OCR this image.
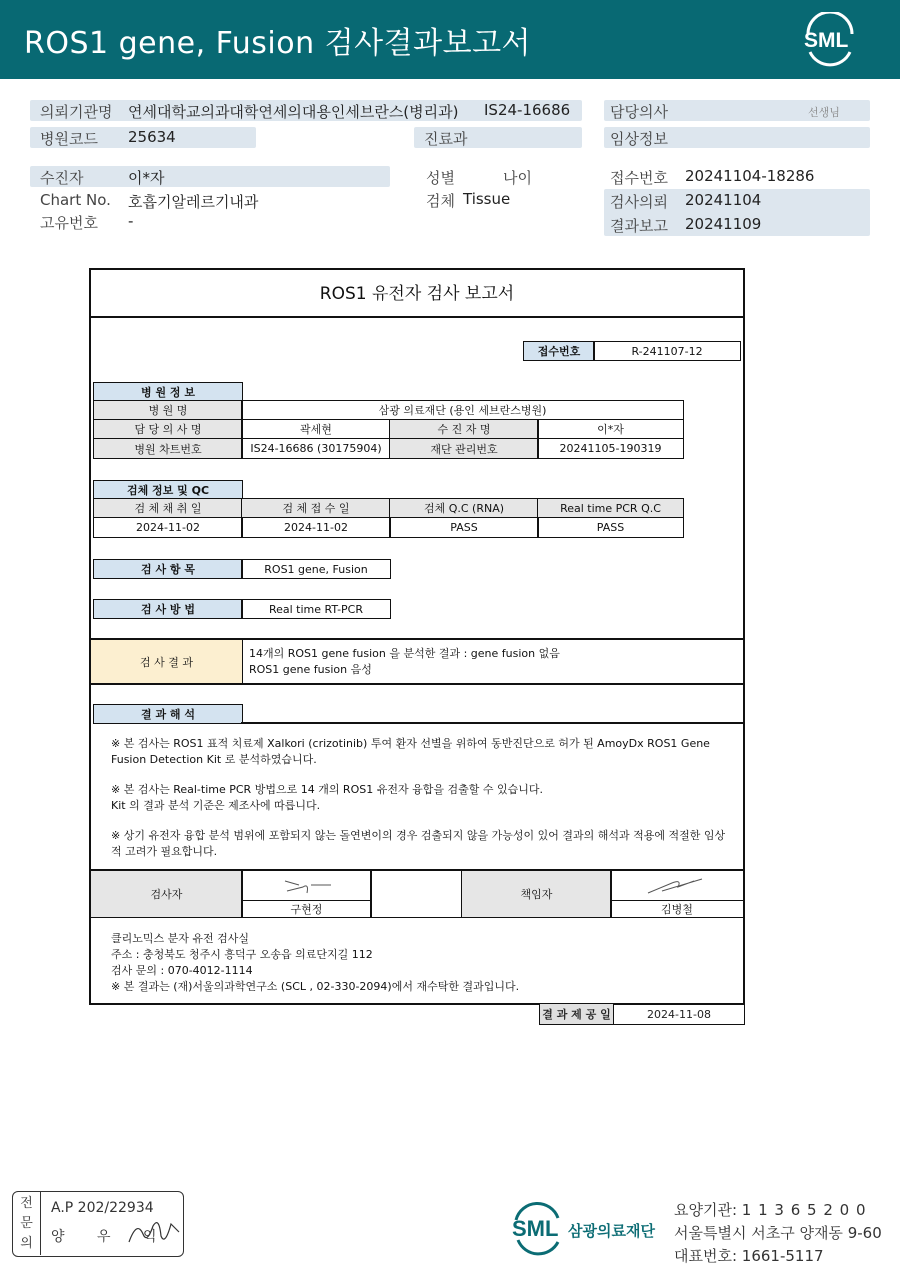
ROS1 gene, Fusion 검사결과보고서	SML
의뢰기관명 연세대학교의과대학연세의대용인세브란스(병리과) IS24-16686
병원코드 25634	진료과
담당의사	선생님
임상정보
수진자	이*자	성별	나이
Chart No. 호흡기알레르기내과	검체 Tissue
고유번호 -
접수번호 20241104-18286
검사의뢰 20241104
결과보고 20241109
ROS1 유전자 검사 보고서
접수번호	R-241107-12
병 원 정 보
병 원 명	삼광 의료재단 (용인 세브란스병원)
담 당 의 사 명	곽세현	수 진 자 명	이*자
병원 차트번호	IS24-16686 (30175904)	재단 관리번호	20241105-190319
검체 정보 및 QC
검 체 채 취 일	검 체 접 수 일	검체 Q.C (RNA)	Real time PCR Q.C
2024-11-02	2024-11-02	PASS	PASS
검 사 항 목	ROS1 gene, Fusion
검 사 방 법	Real time RT-PCR
검 사 결 과
14개의 ROS1 gene fusion 을 분석한 결과 : gene fusion 없음
ROS1 gene fusion 음성
결 과 해 석
※ 본 검사는 ROS1 표적 치료제 Xalkori (crizotinib) 투여 환자 선별을 위하여 동반진단으로 허가 된 AmoyDx ROS1 Gene
Fusion Detection Kit 로 분석하였습니다.
※ 본 검사는 Real-time PCR 방법으로 14 개의 ROS1 유전자 융합을 검출할 수 있습니다.
Kit 의 결과 분석 기준은 제조사에 따릅니다.
※ 상기 유전자 융합 분석 범위에 포함되지 않는 돌연변이의 경우 검출되지 않을 가능성이 있어 결과의 해석과 적용에 적절한 임상
적 고려가 필요합니다.
검사자
구현정
책임자
김병철
클리노믹스 분자 유전 검사실
주소 : 충청북도 청주시 흥덕구 오송읍 의료단지길 112
검사 문의 : 070-4012-1114
※ 본 결과는 (재)서울의과학연구소 (SCL , 02-330-2094)에서 재수탁한 결과입니다.
결 과 제 공 일	2024-11-08
전
문
의
A.P 202/22934
양 우 익	SML 삼광의료재단
요양기관: 1 1 3 6 5 2 0 0
서울특별시 서초구 양재동 9-60
대표번호: 1661-5117
